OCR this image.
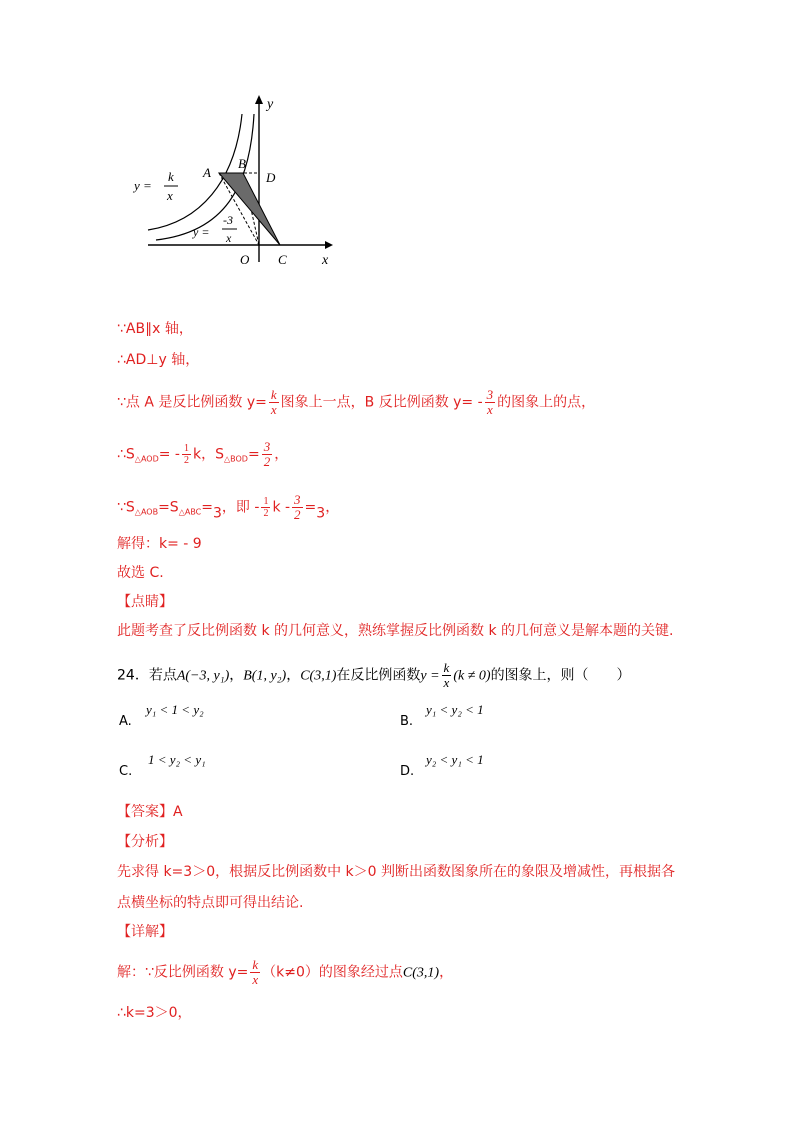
y
x
A
B
D
O C
y =
k
x
y =
-3
x
∵AB∥x 轴，
∴AD⊥y 轴，
∵点 A 是反比例函数 $y= \frac{k}{x}$ 图象上一点，B 反比例函数 $y= - \frac{3}{x}$ 的图象上的点，
$\therefore S_{\triangle AOD}= - \frac{1}{2}$ k，$S_{\triangle BOD}= \frac{3}{2}$ ，
$\because S_{\triangle AOB}=S_{\triangle ABC}=3$，即 - $\frac{1}{2}$ $k - \frac{3}{2} =3$，
解得：k= - 9
故选 C.
【点睛】
此题考查了反比例函数 k 的几何意义，熟练掌握反比例函数 k 的几何意义是解本题的关键.
24．若点A(−3, y₁)，B(1, y₂)，C(3,1)在反比例函数$y = \frac{k}{x} (k \ne 0)$的图象上，则（　　）
A.
y₁ < 1 < y₂
B.
y₁ < y₂ < 1
C.
1 < y₂ < y₁
D.
y₂ < y₁ < 1
【答案】A
【分析】
先求得 k=3＞0，根据反比例函数中 k＞0 判断出函数图象所在的象限及增减性，再根据各
点横坐标的特点即可得出结论.
【详解】
解：∵反比例函数 $y= \frac{k}{x} (k\ne 0)$的图象经过点C(3,1)，
∴k=3＞0，
